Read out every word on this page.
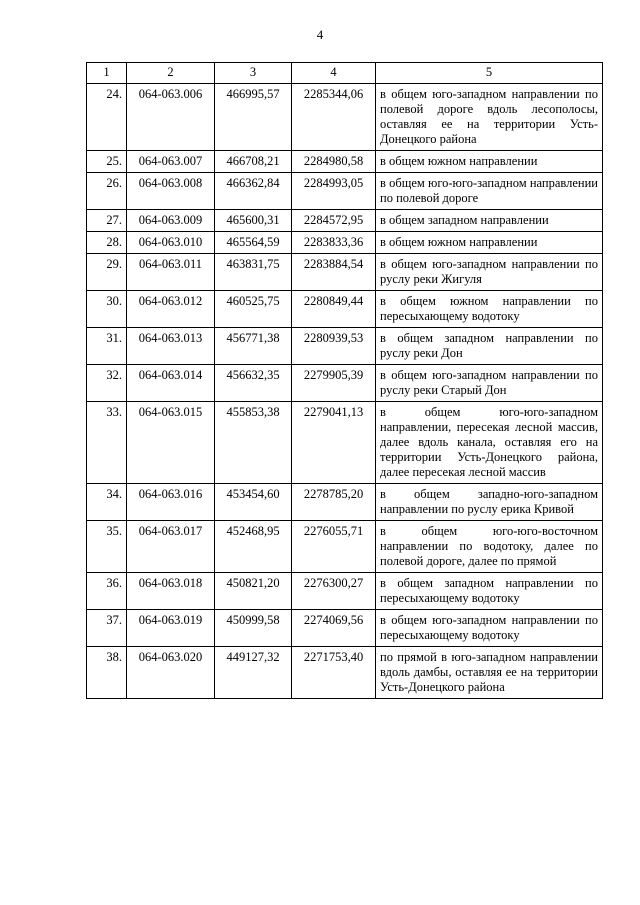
4
1	2	3	4	5
24.	064-063.006	466995,57	2285344,06	в общем юго-западном направлении по полевой дороге вдоль лесополосы, оставляя ее на территории Усть-Донецкого района
25.	064-063.007	466708,21	2284980,58	в общем южном направлении
26.	064-063.008	466362,84	2284993,05	в общем юго-юго-западном направлении по полевой дороге
27.	064-063.009	465600,31	2284572,95	в общем западном направлении
28.	064-063.010	465564,59	2283833,36	в общем южном направлении
29.	064-063.011	463831,75	2283884,54	в общем юго-западном направлении по руслу реки Жигуля
30.	064-063.012	460525,75	2280849,44	в общем южном направлении по пересыхающему водотоку
31.	064-063.013	456771,38	2280939,53	в общем западном направлении по руслу реки Дон
32.	064-063.014	456632,35	2279905,39	в общем юго-западном направлении по руслу реки Старый Дон
33.	064-063.015	455853,38	2279041,13	в общем юго-юго-западном направлении, пересекая лесной массив, далее вдоль канала, оставляя его на территории Усть-Донецкого района, далее пересекая лесной массив
34.	064-063.016	453454,60	2278785,20	в общем западно-юго-западном направлении по руслу ерика Кривой
35.	064-063.017	452468,95	2276055,71	в общем юго-юго-восточном направлении по водотоку, далее по полевой дороге, далее по прямой
36.	064-063.018	450821,20	2276300,27	в общем западном направлении по пересыхающему водотоку
37.	064-063.019	450999,58	2274069,56	в общем юго-западном направлении по пересыхающему водотоку
38.	064-063.020	449127,32	2271753,40	по прямой в юго-западном направлении вдоль дамбы, оставляя ее на территории Усть-Донецкого района
